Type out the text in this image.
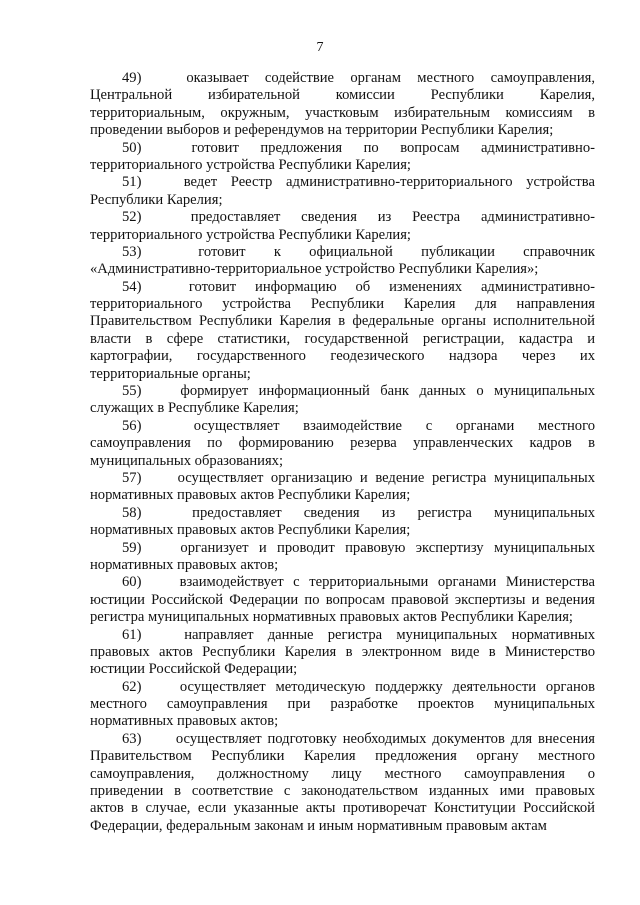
7
49)	оказывает содействие органам местного самоуправления,
Центральной избирательной комиссии Республики Карелия,
территориальным, окружным, участковым избирательным комиссиям в
проведении выборов и референдумов на территории Республики Карелия;
50)	готовит предложения по вопросам административно-
территориального устройства Республики Карелия;
51)	ведет Реестр административно-территориального устройства
Республики Карелия;
52)	предоставляет сведения из Реестра административно-
территориального устройства Республики Карелия;
53)	готовит к официальной публикации справочник
«Административно-территориальное устройство Республики Карелия»;
54)	готовит информацию об изменениях административно-
территориального устройства Республики Карелия для направления
Правительством Республики Карелия в федеральные органы исполнительной
власти в сфере статистики, государственной регистрации, кадастра и
картографии, государственного геодезического надзора через их
территориальные органы;
55)	формирует информационный банк данных о муниципальных
служащих в Республике Карелия;
56)	осуществляет взаимодействие с органами местного
самоуправления по формированию резерва управленческих кадров в
муниципальных образованиях;
57) осуществляет организацию и ведение регистра муниципальных
нормативных правовых актов Республики Карелия;
58)	предоставляет сведения из регистра муниципальных
нормативных правовых актов Республики Карелия;
59)	организует и проводит правовую экспертизу муниципальных
нормативных правовых актов;
60)	взаимодействует с территориальными органами Министерства
юстиции Российской Федерации по вопросам правовой экспертизы и ведения
регистра муниципальных нормативных правовых актов Республики Карелия;
61)	направляет данные регистра муниципальных нормативных
правовых актов Республики Карелия в электронном виде в Министерство
юстиции Российской Федерации;
62)	осуществляет методическую поддержку деятельности органов
местного самоуправления при разработке проектов муниципальных
нормативных правовых актов;
63) осуществляет подготовку необходимых документов для внесения
Правительством Республики Карелия предложения органу местного
самоуправления, должностному лицу местного самоуправления о
приведении в соответствие с законодательством изданных ими правовых
актов в случае, если указанные акты противоречат Конституции Российской
Федерации, федеральным законам и иным нормативным правовым актам
